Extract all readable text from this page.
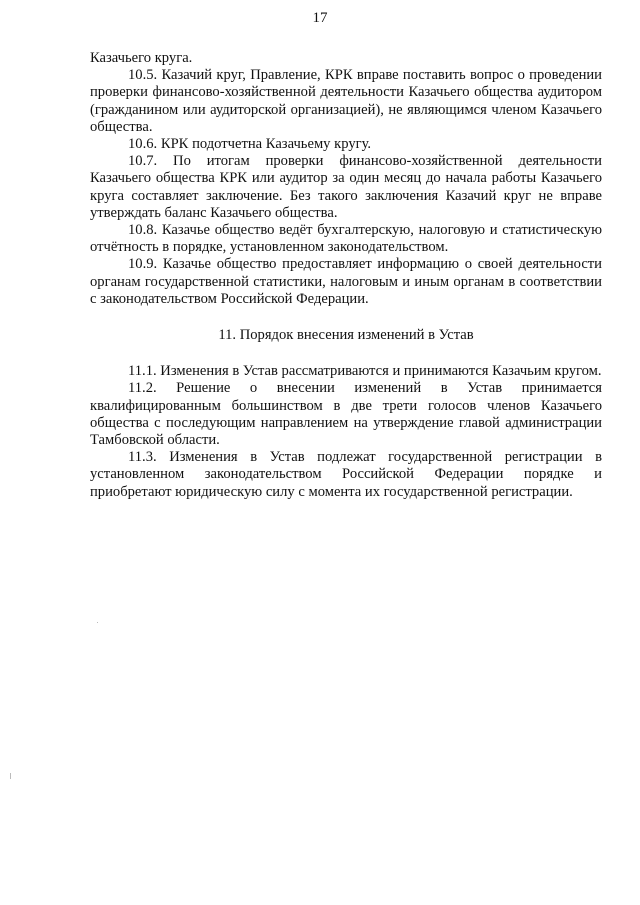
17

Казачьего круга.

10.5. Казачий круг, Правление, КРК вправе поставить вопрос о проведении проверки финансово-хозяйственной деятельности Казачьего общества аудитором (гражданином или аудиторской организацией), не являющимся членом Казачьего общества.

10.6. КРК подотчетна Казачьему кругу.

10.7. По итогам проверки финансово-хозяйственной деятельности Казачьего общества КРК или аудитор за один месяц до начала работы Казачьего круга составляет заключение. Без такого заключения Казачий круг не вправе утверждать баланс Казачьего общества.

10.8. Казачье общество ведёт бухгалтерскую, налоговую и статистическую отчётность в порядке, установленном законодательством.

10.9. Казачье общество предоставляет информацию о своей деятельности органам государственной статистики, налоговым и иным органам в соответствии с законодательством Российской Федерации.

11. Порядок внесения изменений в Устав

11.1. Изменения в Устав рассматриваются и принимаются Казачьим кругом.

11.2. Решение о внесении изменений в Устав принимается квалифицированным большинством в две трети голосов членов Казачьего общества с последующим направлением на утверждение главой администрации Тамбовской области.

11.3. Изменения в Устав подлежат государственной регистрации в установленном законодательством Российской Федерации порядке и приобретают юридическую силу с момента их государственной регистрации.
